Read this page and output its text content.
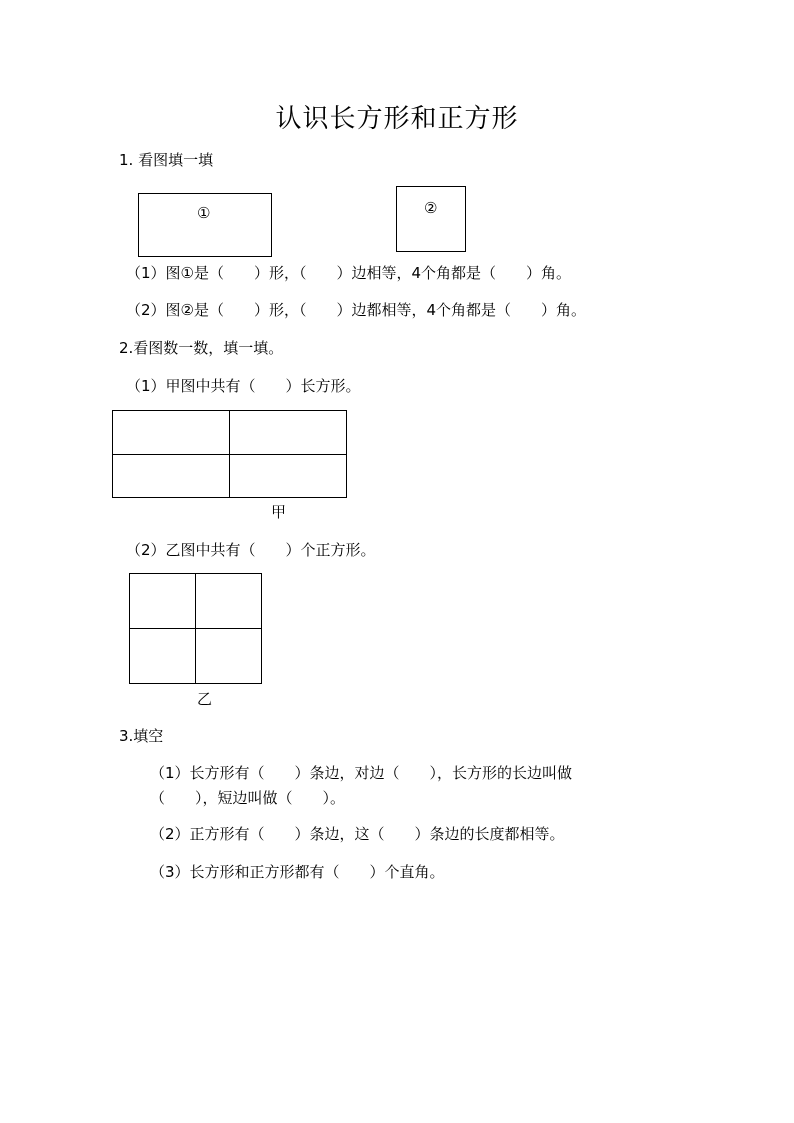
认识长方形和正方形
1. 看图填一填
①	②
（1）图①是（　　）形，（　　）边相等，4个角都是（　　）角。
（2）图②是（　　）形，（　　）边都相等，4个角都是（　　）角。
2.看图数一数，填一填。
（1）甲图中共有（　　）长方形。
甲
（2）乙图中共有（　　）个正方形。
乙
3.填空
（1）长方形有（　　）条边，对边（　　），长方形的长边叫做
（　　），短边叫做（　　）。
（2）正方形有（　　）条边，这（　　）条边的长度都相等。
（3）长方形和正方形都有（　　）个直角。
